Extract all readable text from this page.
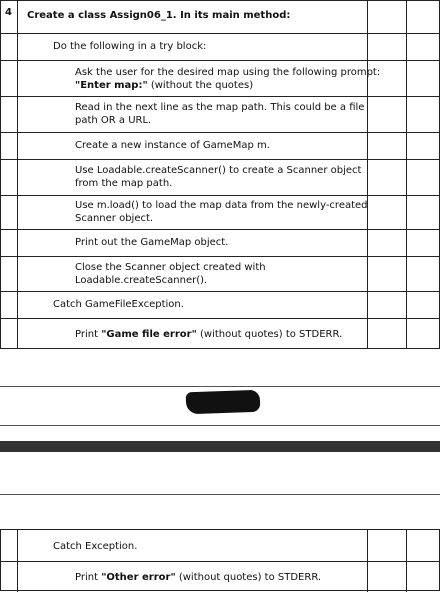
4 Create a class Assign06_1. In its main method:
Do the following in a try block:
Ask the user for the desired map using the following prompt:
"Enter map:" (without the quotes)
Read in the next line as the map path. This could be a file
path OR a URL.
Create a new instance of GameMap m.
Use Loadable.createScanner() to create a Scanner object
from the map path.
Use m.load() to load the map data from the newly-created
Scanner object.
Print out the GameMap object.
Close the Scanner object created with
Loadable.createScanner().
Catch GameFileException.
Print "Game file error" (without quotes) to STDERR.
Catch Exception.
Print "Other error" (without quotes) to STDERR.
